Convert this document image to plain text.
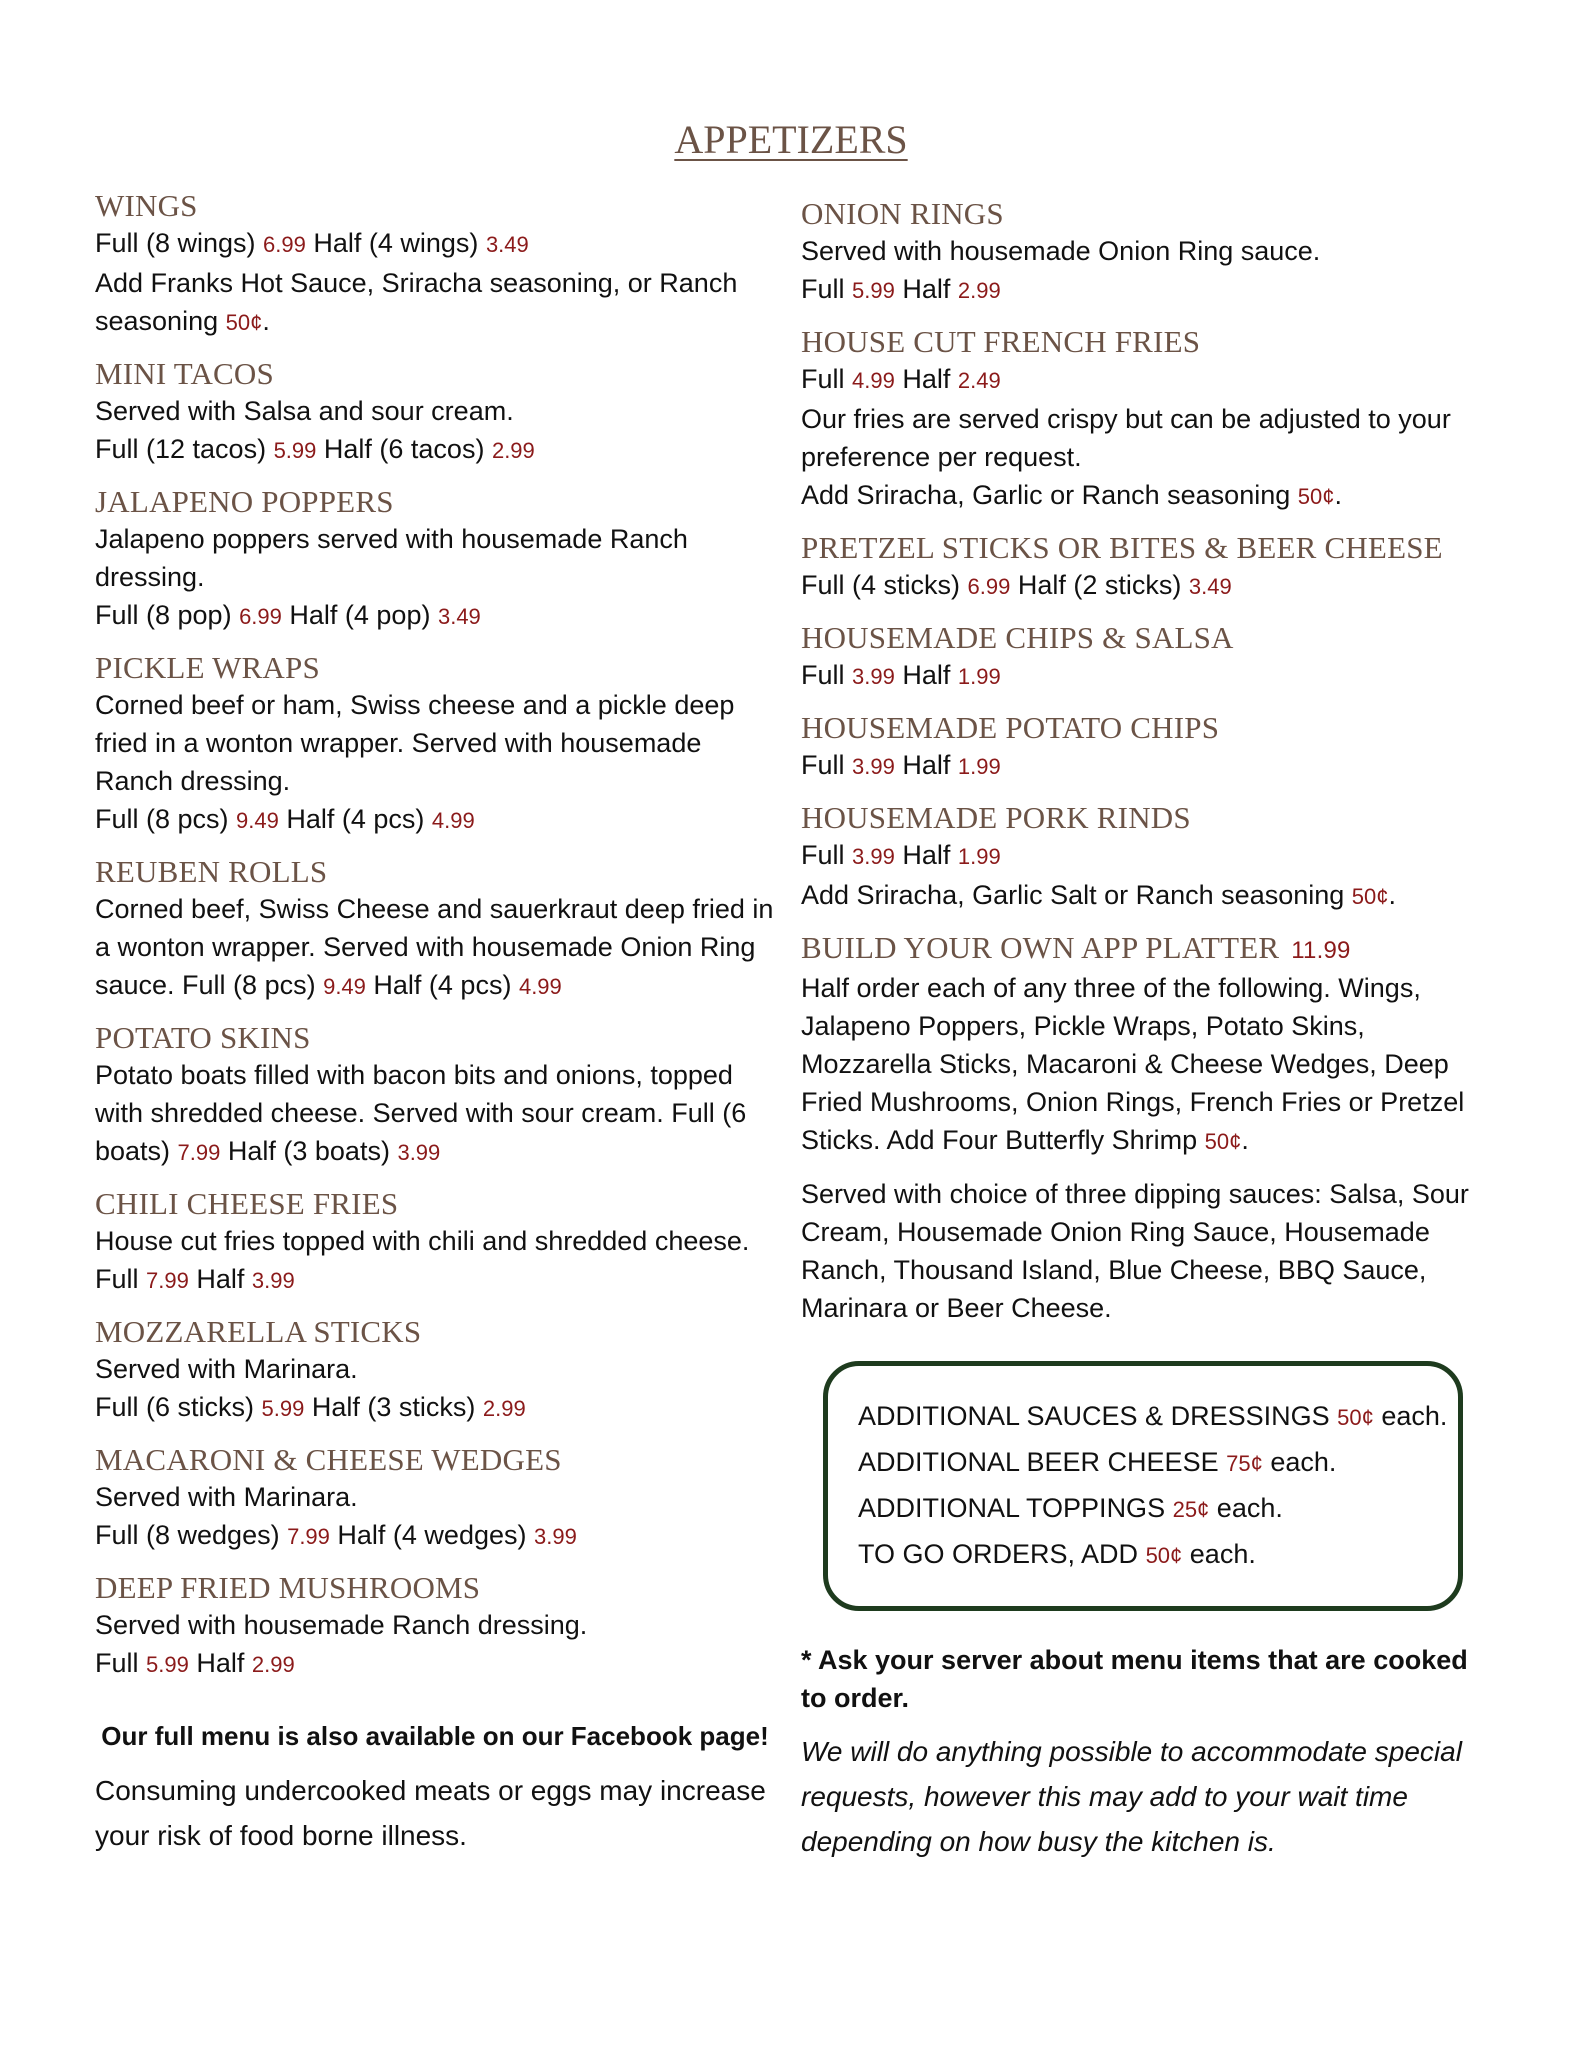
APPETIZERS
WINGS
Full (8 wings) 6.99 Half (4 wings) 3.49
Add Franks Hot Sauce, Sriracha seasoning, or Ranch seasoning 50¢.
MINI TACOS
Served with Salsa and sour cream.
Full (12 tacos) 5.99 Half (6 tacos) 2.99
JALAPENO POPPERS
Jalapeno poppers served with housemade Ranch dressing.
Full (8 pop) 6.99 Half (4 pop) 3.49
PICKLE WRAPS
Corned beef or ham, Swiss cheese and a pickle deep fried in a wonton wrapper. Served with housemade Ranch dressing.
Full (8 pcs) 9.49 Half (4 pcs) 4.99
REUBEN ROLLS
Corned beef, Swiss Cheese and sauerkraut deep fried in a wonton wrapper. Served with housemade Onion Ring sauce. Full (8 pcs) 9.49 Half (4 pcs) 4.99
POTATO SKINS
Potato boats filled with bacon bits and onions, topped with shredded cheese. Served with sour cream. Full (6 boats) 7.99 Half (3 boats) 3.99
CHILI CHEESE FRIES
House cut fries topped with chili and shredded cheese. Full 7.99 Half 3.99
MOZZARELLA STICKS
Served with Marinara.
Full (6 sticks) 5.99 Half (3 sticks) 2.99
MACARONI & CHEESE WEDGES
Served with Marinara.
Full (8 wedges) 7.99 Half (4 wedges) 3.99
DEEP FRIED MUSHROOMS
Served with housemade Ranch dressing.
Full 5.99 Half 2.99
Our full menu is also available on our Facebook page!
Consuming undercooked meats or eggs may increase your risk of food borne illness.
ONION RINGS
Served with housemade Onion Ring sauce.
Full 5.99 Half 2.99
HOUSE CUT FRENCH FRIES
Full 4.99 Half 2.49
Our fries are served crispy but can be adjusted to your preference per request.
Add Sriracha, Garlic or Ranch seasoning 50¢.
PRETZEL STICKS OR BITES & BEER CHEESE
Full (4 sticks) 6.99 Half (2 sticks) 3.49
HOUSEMADE CHIPS & SALSA
Full 3.99 Half 1.99
HOUSEMADE POTATO CHIPS
Full 3.99 Half 1.99
HOUSEMADE PORK RINDS
Full 3.99 Half 1.99
Add Sriracha, Garlic Salt or Ranch seasoning 50¢.
BUILD YOUR OWN APP PLATTER 11.99
Half order each of any three of the following. Wings, Jalapeno Poppers, Pickle Wraps, Potato Skins, Mozzarella Sticks, Macaroni & Cheese Wedges, Deep Fried Mushrooms, Onion Rings, French Fries or Pretzel Sticks. Add Four Butterfly Shrimp 50¢.
Served with choice of three dipping sauces: Salsa, Sour Cream, Housemade Onion Ring Sauce, Housemade Ranch, Thousand Island, Blue Cheese, BBQ Sauce, Marinara or Beer Cheese.
ADDITIONAL SAUCES & DRESSINGS 50¢ each.
ADDITIONAL BEER CHEESE 75¢ each.
ADDITIONAL TOPPINGS 25¢ each.
TO GO ORDERS, ADD 50¢ each.
* Ask your server about menu items that are cooked to order.
We will do anything possible to accommodate special requests, however this may add to your wait time depending on how busy the kitchen is.
